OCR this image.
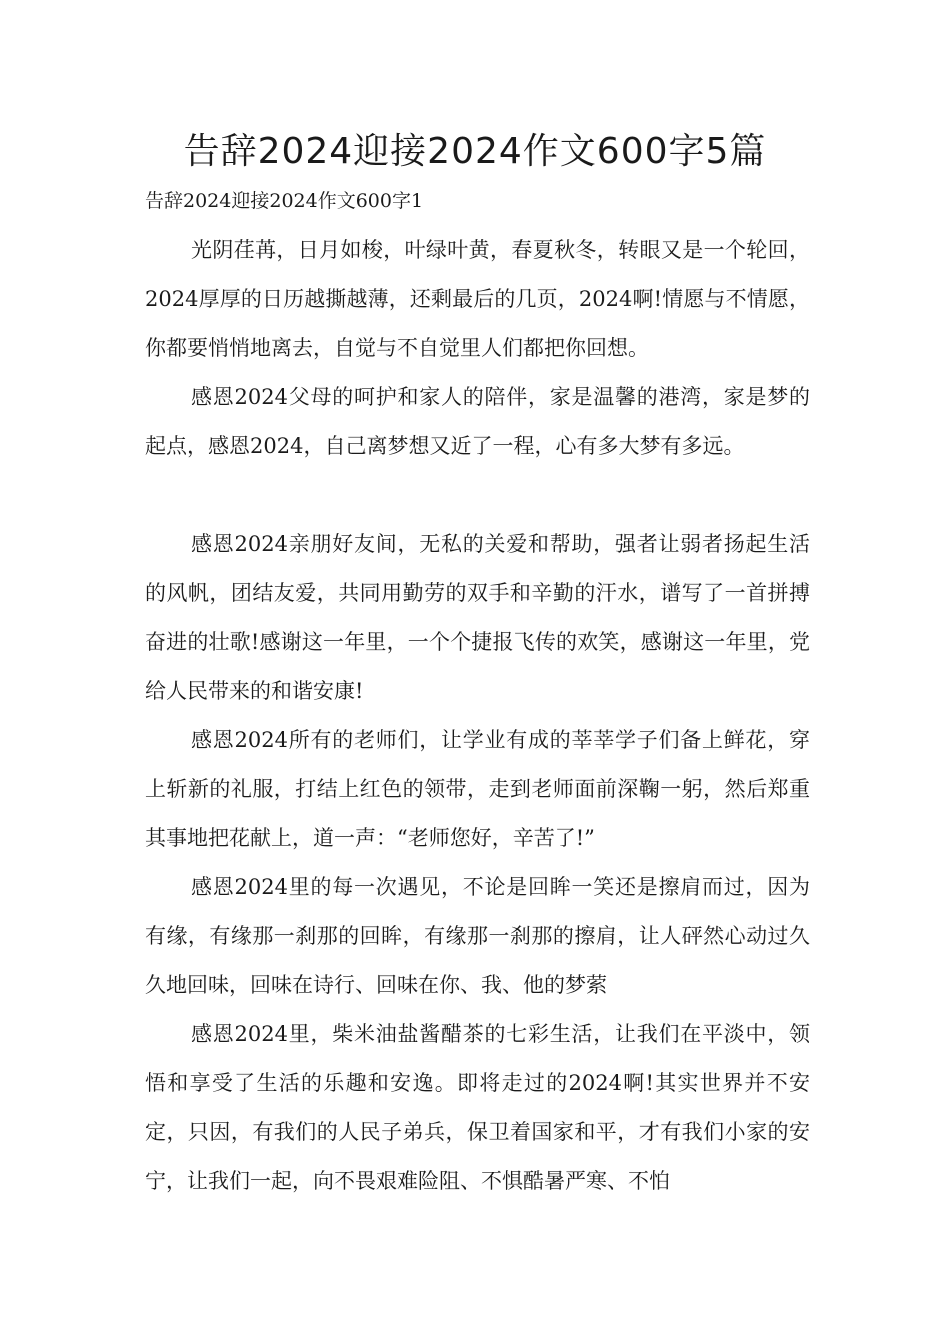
告辞2024迎接2024作文600字5篇

告辞2024迎接2024作文600字1

光阴荏苒，日月如梭，叶绿叶黄，春夏秋冬，转眼又是一个轮回，2024厚厚的日历越撕越薄，还剩最后的几页，2024啊!情愿与不情愿，你都要悄悄地离去，自觉与不自觉里人们都把你回想。

感恩2024父母的呵护和家人的陪伴，家是温馨的港湾，家是梦的起点，感恩2024，自己离梦想又近了一程，心有多大梦有多远。

感恩2024亲朋好友间，无私的关爱和帮助，强者让弱者扬起生活的风帆，团结友爱，共同用勤劳的双手和辛勤的汗水，谱写了一首拼搏奋进的壮歌!感谢这一年里，一个个捷报飞传的欢笑，感谢这一年里，党给人民带来的和谐安康!

感恩2024所有的老师们，让学业有成的莘莘学子们备上鲜花，穿上斩新的礼服，打结上红色的领带，走到老师面前深鞠一躬，然后郑重其事地把花献上，道一声：“老师您好，辛苦了!”

感恩2024里的每一次遇见，不论是回眸一笑还是擦肩而过，因为有缘，有缘那一刹那的回眸，有缘那一刹那的擦肩，让人砰然心动过久久地回味，回味在诗行、回味在你、我、他的梦萦

感恩2024里，柴米油盐酱醋茶的七彩生活，让我们在平淡中，领悟和享受了生活的乐趣和安逸。即将走过的2024啊!其实世界并不安定，只因，有我们的人民子弟兵，保卫着国家和平，才有我们小家的安宁，让我们一起，向不畏艰难险阻、不惧酷暑严寒、不怕
